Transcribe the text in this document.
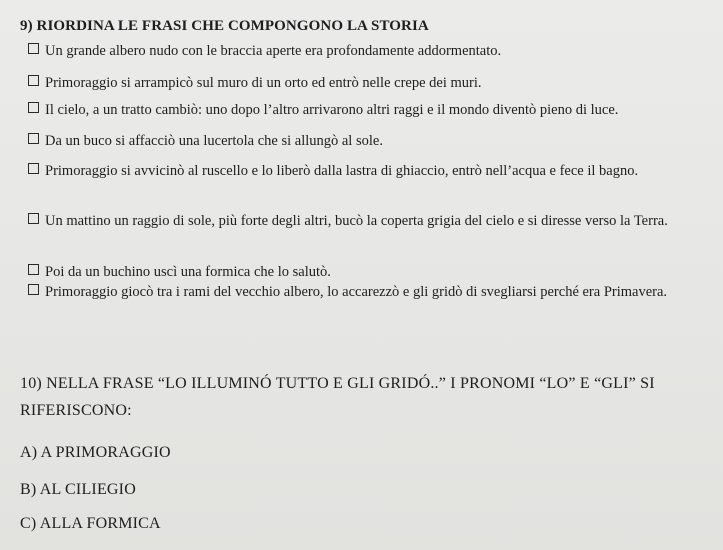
9) RIORDINA LE FRASI CHE COMPONGONO LA STORIA
Un grande albero nudo con le braccia aperte era profondamente addormentato.
Primoraggio si arrampicò sul muro di un orto ed entrò nelle crepe dei muri.
Il cielo, a un tratto cambiò: uno dopo l’altro arrivarono altri raggi e il mondo diventò pieno di luce.
Da un buco si affacciò una lucertola che si allungò al sole.
Primoraggio si avvicinò al ruscello e lo liberò dalla lastra di ghiaccio, entrò nell’acqua e fece il bagno.
Un mattino un raggio di sole, più forte degli altri, bucò la coperta grigia del cielo e si diresse verso la Terra.
Poi da un buchino uscì una formica che lo salutò.
Primoraggio giocò tra i rami del vecchio albero, lo accarezzò e gli gridò di svegliarsi perché era Primavera.
10) NELLA FRASE “LO ILLUMINÓ TUTTO E GLI GRIDÓ..” I PRONOMI “LO” E “GLI” SI RIFERISCONO:
A) A PRIMORAGGIO
B) AL CILIEGIO
C) ALLA FORMICA
